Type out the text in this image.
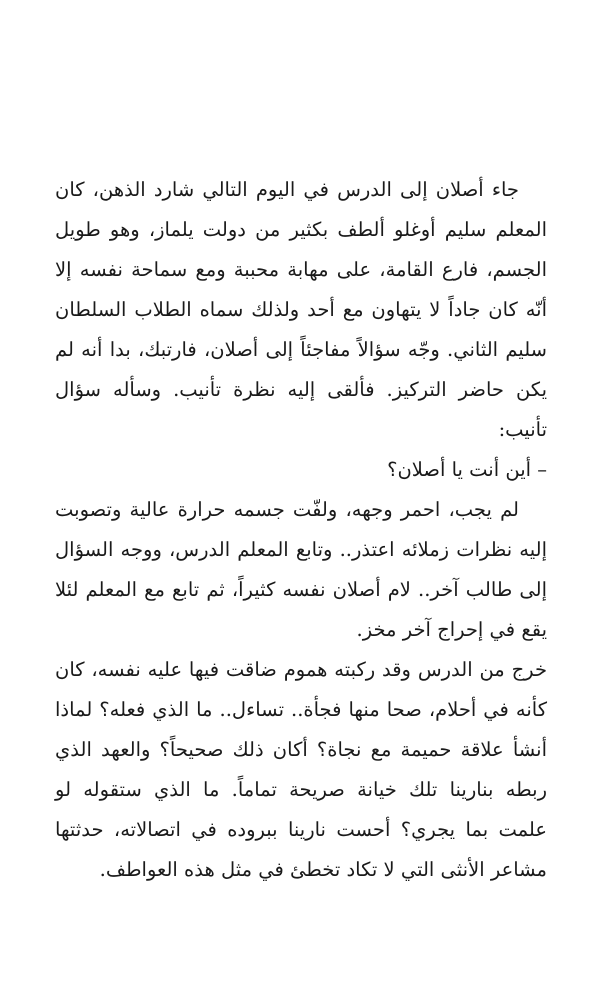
جاء أصلان إلى الدرس في اليوم التالي شارد الذهن، كان المعلم سليم أوغلو ألطف بكثير من دولت يلماز، وهو طويل الجسم، فارع القامة، على مهابة محببة ومع سماحة نفسه إلا أنّه كان جاداً لا يتهاون مع أحد ولذلك سماه الطلاب السلطان سليم الثاني. وجّه سؤالاً مفاجئاً إلى أصلان، فارتبك، بدا أنه لم يكن حاضر التركيز. فألقى إليه نظرة تأنيب. وسأله سؤال تأنيب:

– أين أنت يا أصلان؟

لم يجب، احمر وجهه، ولفّت جسمه حرارة عالية وتصوبت إليه نظرات زملائه اعتذر.. وتابع المعلم الدرس، ووجه السؤال إلى طالب آخر.. لام أصلان نفسه كثيراً، ثم تابع مع المعلم لئلا يقع في إحراج آخر مخز.

خرج من الدرس وقد ركبته هموم ضاقت فيها عليه نفسه، كان كأنه في أحلام، صحا منها فجأة.. تساءل.. ما الذي فعله؟ لماذا أنشأ علاقة حميمة مع نجاة؟ أكان ذلك صحيحاً؟ والعهد الذي ربطه بنارينا تلك خيانة صريحة تماماً. ما الذي ستقوله لو علمت بما يجري؟ أحست نارينا ببروده في اتصالاته، حدثتها مشاعر الأنثى التي لا تكاد تخطئ في مثل هذه العواطف.
